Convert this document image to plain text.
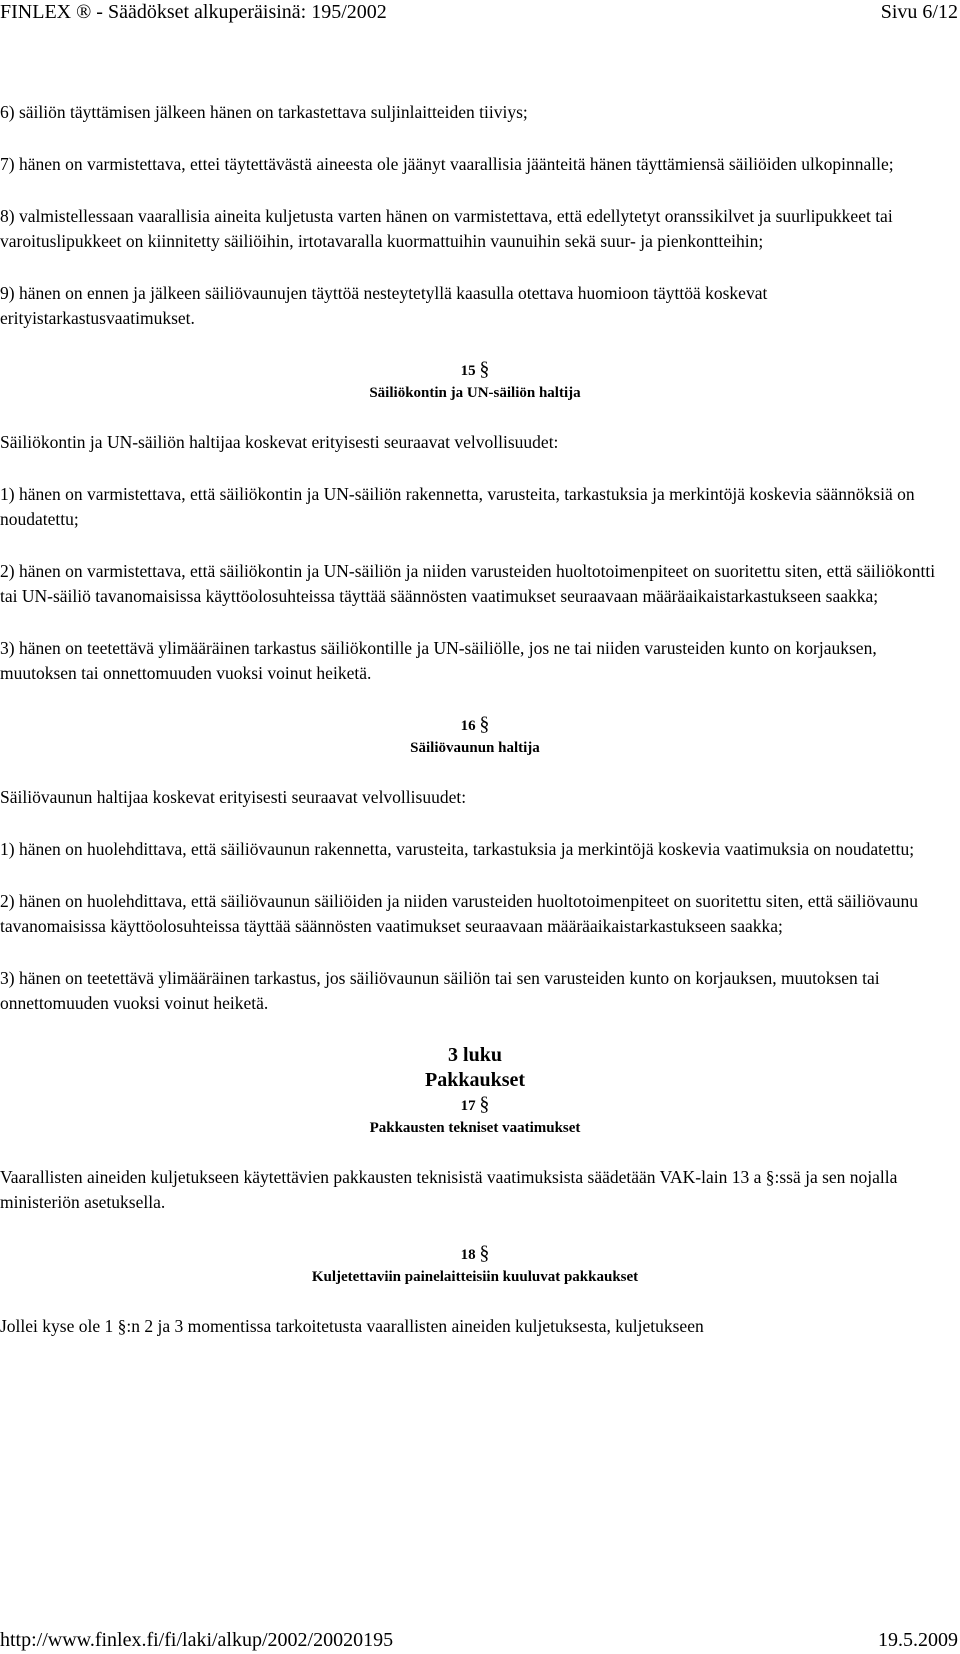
FINLEX ® - Säädökset alkuperäisinä: 195/2002	Sivu 6/12

6) säiliön täyttämisen jälkeen hänen on tarkastettava suljinlaitteiden tiiviys;

7) hänen on varmistettava, ettei täytettävästä aineesta ole jäänyt vaarallisia jäänteitä hänen täyttämiensä säiliöiden ulkopinnalle;

8) valmistellessaan vaarallisia aineita kuljetusta varten hänen on varmistettava, että edellytetyt oranssikilvet ja suurlipukkeet tai varoituslipukkeet on kiinnitetty säiliöihin, irtotavaralla kuormattuihin vaunuihin sekä suur- ja pienkontteihin;

9) hänen on ennen ja jälkeen säiliövaunujen täyttöä nesteytetyllä kaasulla otettava huomioon täyttöä koskevat erityistarkastusvaatimukset.

15 §
Säiliökontin ja UN-säiliön haltija

Säiliökontin ja UN-säiliön haltijaa koskevat erityisesti seuraavat velvollisuudet:

1) hänen on varmistettava, että säiliökontin ja UN-säiliön rakennetta, varusteita, tarkastuksia ja merkintöjä koskevia säännöksiä on noudatettu;

2) hänen on varmistettava, että säiliökontin ja UN-säiliön ja niiden varusteiden huoltotoimenpiteet on suoritettu siten, että säiliökontti tai UN-säiliö tavanomaisissa käyttöolosuhteissa täyttää säännösten vaatimukset seuraavaan määräaikaistarkastukseen saakka;

3) hänen on teetettävä ylimääräinen tarkastus säiliökontille ja UN-säiliölle, jos ne tai niiden varusteiden kunto on korjauksen, muutoksen tai onnettomuuden vuoksi voinut heiketä.

16 §
Säiliövaunun haltija

Säiliövaunun haltijaa koskevat erityisesti seuraavat velvollisuudet:

1) hänen on huolehdittava, että säiliövaunun rakennetta, varusteita, tarkastuksia ja merkintöjä koskevia vaatimuksia on noudatettu;

2) hänen on huolehdittava, että säiliövaunun säiliöiden ja niiden varusteiden huoltotoimenpiteet on suoritettu siten, että säiliövaunu tavanomaisissa käyttöolosuhteissa täyttää säännösten vaatimukset seuraavaan määräaikaistarkastukseen saakka;

3) hänen on teetettävä ylimääräinen tarkastus, jos säiliövaunun säiliön tai sen varusteiden kunto on korjauksen, muutoksen tai onnettomuuden vuoksi voinut heiketä.

3 luku
Pakkaukset
17 §
Pakkausten tekniset vaatimukset

Vaarallisten aineiden kuljetukseen käytettävien pakkausten teknisistä vaatimuksista säädetään VAK-lain 13 a §:ssä ja sen nojalla ministeriön asetuksella.

18 §
Kuljetettaviin painelaitteisiin kuuluvat pakkaukset

Jollei kyse ole 1 §:n 2 ja 3 momentissa tarkoitetusta vaarallisten aineiden kuljetuksesta, kuljetukseen

http://www.finlex.fi/fi/laki/alkup/2002/20020195	19.5.2009
